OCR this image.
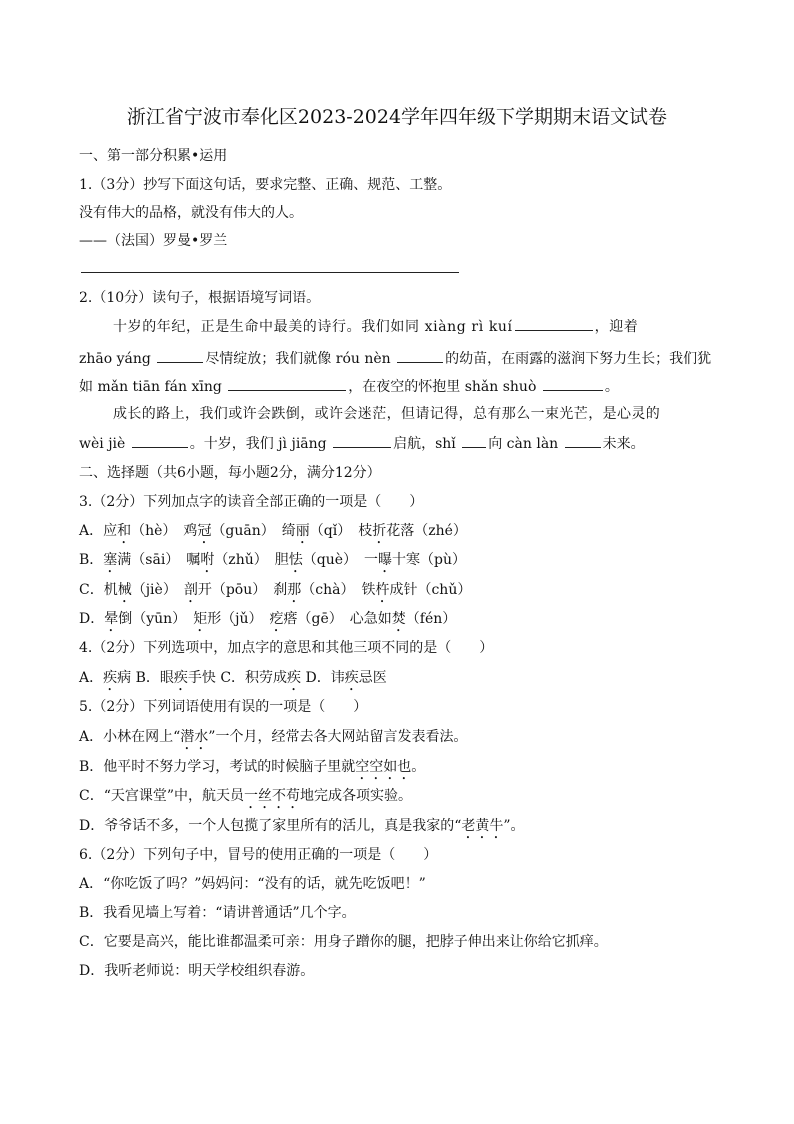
浙江省宁波市奉化区2023-2024学年四年级下学期期末语文试卷
一、第一部分积累•运用
1.（3分）抄写下面这句话，要求完整、正确、规范、工整。
没有伟大的品格，就没有伟大的人。
——（法国）罗曼•罗兰
2.（10分）读句子，根据语境写词语。
十岁的年纪，正是生命中最美的诗行。我们如同 xiàng rì kuí	，迎着
zhāo yáng	尽情绽放；我们就像 róu nèn	的幼苗，在雨露的滋润下努力生长；我们犹
如 mǎn tiān fán xīng	，在夜空的怀抱里 shǎn shuò	。
成长的路上，我们或许会跌倒，或许会迷茫，但请记得，总有那么一束光芒，是心灵的
wèi jiè	。十岁，我们 jì jiāng	启航，shǐ 向 càn làn	未来。
二、选择题（共6小题，每小题2分，满分12分）
3.（2分）下列加点字的读音全部正确的一项是（　　）
A．应和（hè）　鸡冠（guān）　绮丽（qǐ）　枝折花落（zhé）
B．塞满（sāi）　嘱咐（zhǔ）　胆怯（què）　一曝十寒（pù）
C．机械（jiè）　剖开（pōu）　刹那（chà）　铁杵成针（chǔ）
D．晕倒（yūn）　矩形（jǔ）　疙瘩（gē）　心急如焚（fén）
4.（2分）下列选项中，加点字的意思和其他三项不同的是（　　）
A．疾病 B．眼疾手快 C．积劳成疾 D．讳疾忌医
5.（2分）下列词语使用有误的一项是（　　）
A．小林在网上“潜水”一个月，经常去各大网站留言发表看法。
B．他平时不努力学习，考试的时候脑子里就空空如也。
C．“天宫课堂”中，航天员一丝不苟地完成各项实验。
D．爷爷话不多，一个人包揽了家里所有的活儿，真是我家的“老黄牛”。
6.（2分）下列句子中，冒号的使用正确的一项是（　　）
A．“你吃饭了吗？”妈妈问：“没有的话，就先吃饭吧！”
B．我看见墙上写着：“请讲普通话”几个字。
C．它要是高兴，能比谁都温柔可亲：用身子蹭你的腿，把脖子伸出来让你给它抓痒。
D．我听老师说：明天学校组织春游。
